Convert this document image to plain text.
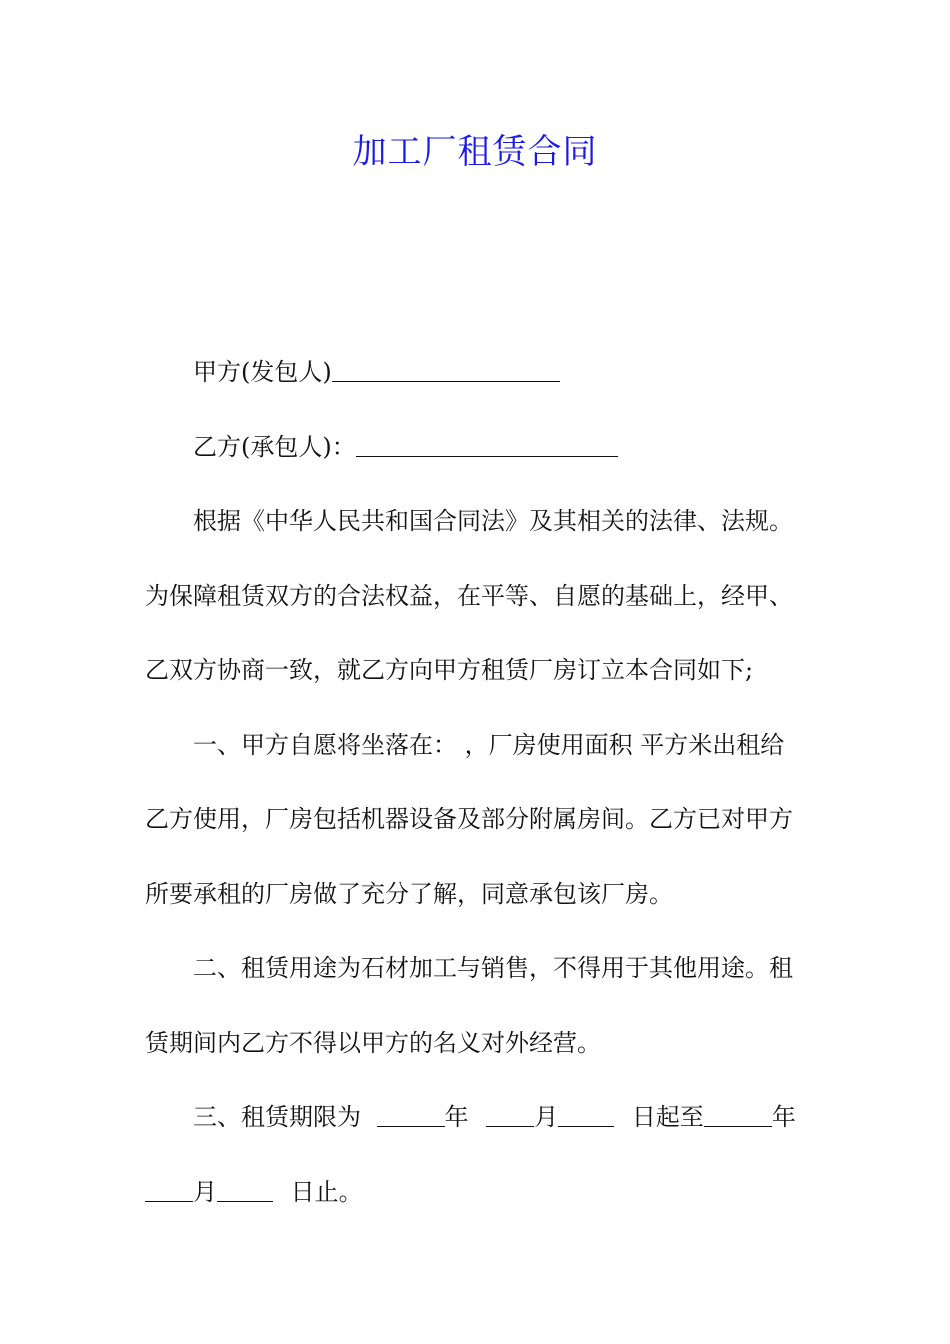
加工厂租赁合同
甲方(发包人)
乙方(承包人)：
根据《中华人民共和国合同法》及其相关的法律、法规。
为保障租赁双方的合法权益，在平等、自愿的基础上，经甲、
乙双方协商一致，就乙方向甲方租赁厂房订立本合同如下;
一、甲方自愿将坐落在： ，厂房使用面积 平方米出租给
乙方使用，厂房包括机器设备及部分附属房间。乙方已对甲方
所要承租的厂房做了充分了解，同意承包该厂房。
二、租赁用途为石材加工与销售，不得用于其他用途。租
赁期间内乙方不得以甲方的名义对外经营。
三、租赁期限为	年	月	日起至	年
月	日止。
